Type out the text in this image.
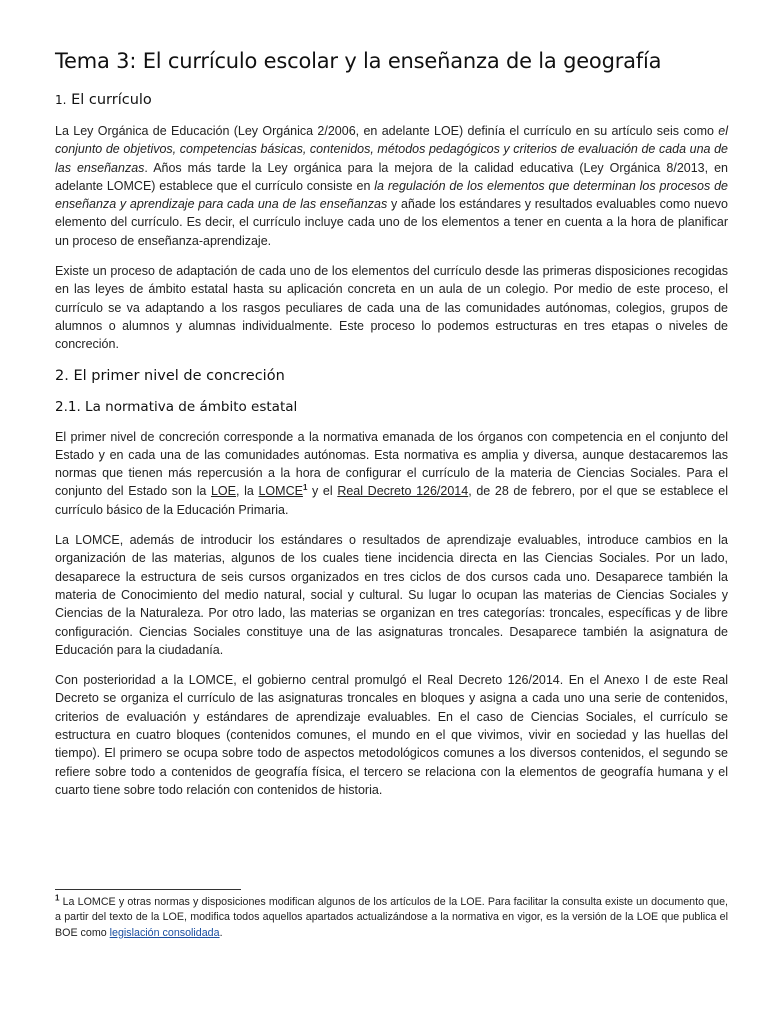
Tema 3: El currículo escolar y la enseñanza de la geografía
1. El currículo

La Ley Orgánica de Educación (Ley Orgánica 2/2006, en adelante LOE) definía el currículo en su artículo seis como el conjunto de objetivos, competencias básicas, contenidos, métodos pedagógicos y criterios de evaluación de cada una de las enseñanzas. Años más tarde la Ley orgánica para la mejora de la calidad educativa (Ley Orgánica 8/2013, en adelante LOMCE) establece que el currículo consiste en la regulación de los elementos que determinan los procesos de enseñanza y aprendizaje para cada una de las enseñanzas y añade los estándares y resultados evaluables como nuevo elemento del currículo. Es decir, el currículo incluye cada uno de los elementos a tener en cuenta a la hora de planificar un proceso de enseñanza-aprendizaje.

Existe un proceso de adaptación de cada uno de los elementos del currículo desde las primeras disposiciones recogidas en las leyes de ámbito estatal hasta su aplicación concreta en un aula de un colegio. Por medio de este proceso, el currículo se va adaptando a los rasgos peculiares de cada una de las comunidades autónomas, colegios, grupos de alumnos o alumnos y alumnas individualmente. Este proceso lo podemos estructuras en tres etapas o niveles de concreción.

2. El primer nivel de concreción
2.1. La normativa de ámbito estatal

El primer nivel de concreción corresponde a la normativa emanada de los órganos con competencia en el conjunto del Estado y en cada una de las comunidades autónomas. Esta normativa es amplia y diversa, aunque destacaremos las normas que tienen más repercusión a la hora de configurar el currículo de la materia de Ciencias Sociales. Para el conjunto del Estado son la LOE, la LOMCE$^1$ y el Real Decreto 126/2014, de 28 de febrero, por el que se establece el currículo básico de la Educación Primaria.

La LOMCE, además de introducir los estándares o resultados de aprendizaje evaluables, introduce cambios en la organización de las materias, algunos de los cuales tiene incidencia directa en las Ciencias Sociales. Por un lado, desaparece la estructura de seis cursos organizados en tres ciclos de dos cursos cada uno. Desaparece también la materia de Conocimiento del medio natural, social y cultural. Su lugar lo ocupan las materias de Ciencias Sociales y Ciencias de la Naturaleza. Por otro lado, las materias se organizan en tres categorías: troncales, específicas y de libre configuración. Ciencias Sociales constituye una de las asignaturas troncales. Desaparece también la asignatura de Educación para la ciudadanía.

Con posterioridad a la LOMCE, el gobierno central promulgó el Real Decreto 126/2014. En el Anexo I de este Real Decreto se organiza el currículo de las asignaturas troncales en bloques y asigna a cada uno una serie de contenidos, criterios de evaluación y estándares de aprendizaje evaluables. En el caso de Ciencias Sociales, el currículo se estructura en cuatro bloques (contenidos comunes, el mundo en el que vivimos, vivir en sociedad y las huellas del tiempo). El primero se ocupa sobre todo de aspectos metodológicos comunes a los diversos contenidos, el segundo se refiere sobre todo a contenidos de geografía física, el tercero se relaciona con la elementos de geografía humana y el cuarto tiene sobre todo relación con contenidos de historia.

$^1$ La LOMCE y otras normas y disposiciones modifican algunos de los artículos de la LOE. Para facilitar la consulta existe un documento que, a partir del texto de la LOE, modifica todos aquellos apartados actualizándose a la normativa en vigor, es la versión de la LOE que publica el BOE como legislación consolidada.
